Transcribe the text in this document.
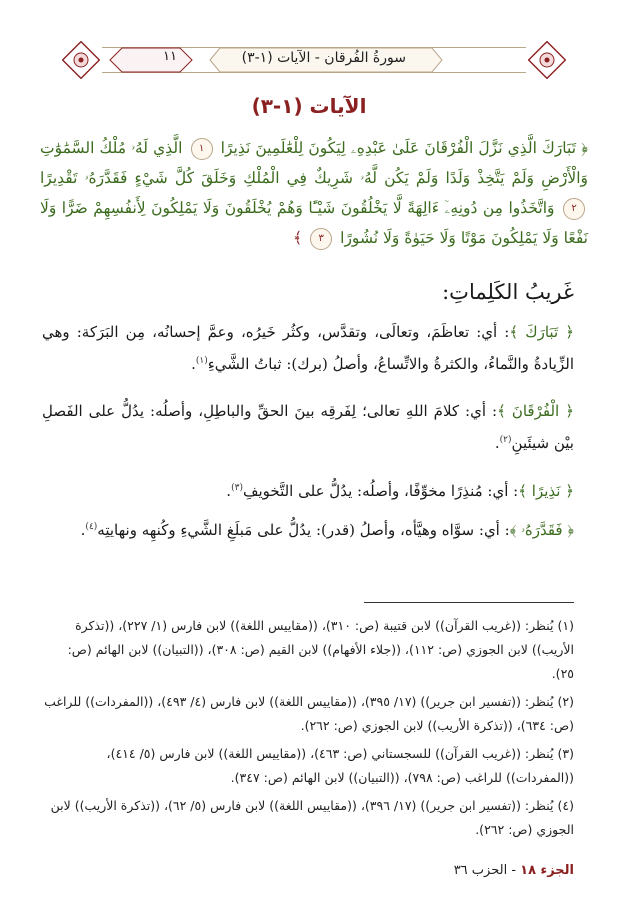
١١	سورةُ الفُرقان - الآيات (١-٣)
الآيات (١-٣)
﴿ تَبَارَكَ الَّذِي نَزَّلَ الْفُرْقَانَ عَلَىٰ عَبْدِهِۦ لِيَكُونَ لِلْعَٰلَمِينَ نَذِيرًا ١ الَّذِي لَهُۥ مُلْكُ السَّمَٰوَٰتِ وَالْأَرْضِ وَلَمْ يَتَّخِذْ وَلَدًا وَلَمْ يَكُن لَّهُۥ شَرِيكٌ فِي الْمُلْكِ وَخَلَقَ كُلَّ شَيْءٍ فَقَدَّرَهُۥ تَقْدِيرًا ٢ وَاتَّخَذُوا مِن دُونِهِۦٓ ءَالِهَةً لَّا يَخْلُقُونَ شَيْـًٔا وَهُمْ يُخْلَقُونَ وَلَا يَمْلِكُونَ لِأَنفُسِهِمْ ضَرًّا وَلَا نَفْعًا وَلَا يَمْلِكُونَ مَوْتًا وَلَا حَيَوٰةً وَلَا نُشُورًا ٣ ﴾
غَريبُ الكَلِماتِ:
﴿ تَبَارَكَ ﴾: أي: تعاظَمَ، وتعالَى، وتقدَّس، وكثُر خَيرُه، وعمَّ إحسانُه، مِن البَرَكة: وهي الزِّيادةُ والنَّماءُ، والكثرةُ والاتِّساعُ، وأصلُ (برك): ثباتُ الشَّيءِ$^{(١)}$.
﴿ الْفُرْقَانَ ﴾: أي: كلامَ اللهِ تعالى؛ لِفَرقِه بينَ الحقِّ والباطِلِ، وأصلُه: يدُلُّ على الفَصلِ بيْن شيئَينِ$^{(٢)}$.
﴿ نَذِيرًا ﴾: أي: مُنذِرًا مخوِّفًا، وأصلُه: يدُلُّ على التَّخويفِ$^{(٣)}$.
﴿ فَقَدَّرَهُۥ ﴾: أي: سوَّاه وهيَّأه، وأصلُ (قدر): يدُلُّ على مَبلَغِ الشَّيءِ وكُنهِه ونهايتِه$^{(٤)}$.
(١) يُنظر: ((غريب القرآن)) لابن قتيبة (ص: ٣١٠)، ((مقاييس اللغة)) لابن فارس (١/ ٢٢٧)، ((تذكرة الأريب)) لابن الجوزي (ص: ١١٢)، ((جلاء الأفهام)) لابن القيم (ص: ٣٠٨)، ((التبيان)) لابن الهائم (ص: ٢٥).
(٢) يُنظر: ((تفسير ابن جرير)) (١٧/ ٣٩٥)، ((مقاييس اللغة)) لابن فارس (٤/ ٤٩٣)، ((المفردات)) للراغب (ص: ٦٣٤)، ((تذكرة الأريب)) لابن الجوزي (ص: ٢٦٢).
(٣) يُنظر: ((غريب القرآن)) للسجستاني (ص: ٤٦٣)، ((مقاييس اللغة)) لابن فارس (٥/ ٤١٤)، ((المفردات)) للراغب (ص: ٧٩٨)، ((التبيان)) لابن الهائم (ص: ٣٤٧).
(٤) يُنظر: ((تفسير ابن جرير)) (١٧/ ٣٩٦)، ((مقاييس اللغة)) لابن فارس (٥/ ٦٢)، ((تذكرة الأريب)) لابن الجوزي (ص: ٢٦٢).
الجزء ١٨ - الحزب ٣٦
